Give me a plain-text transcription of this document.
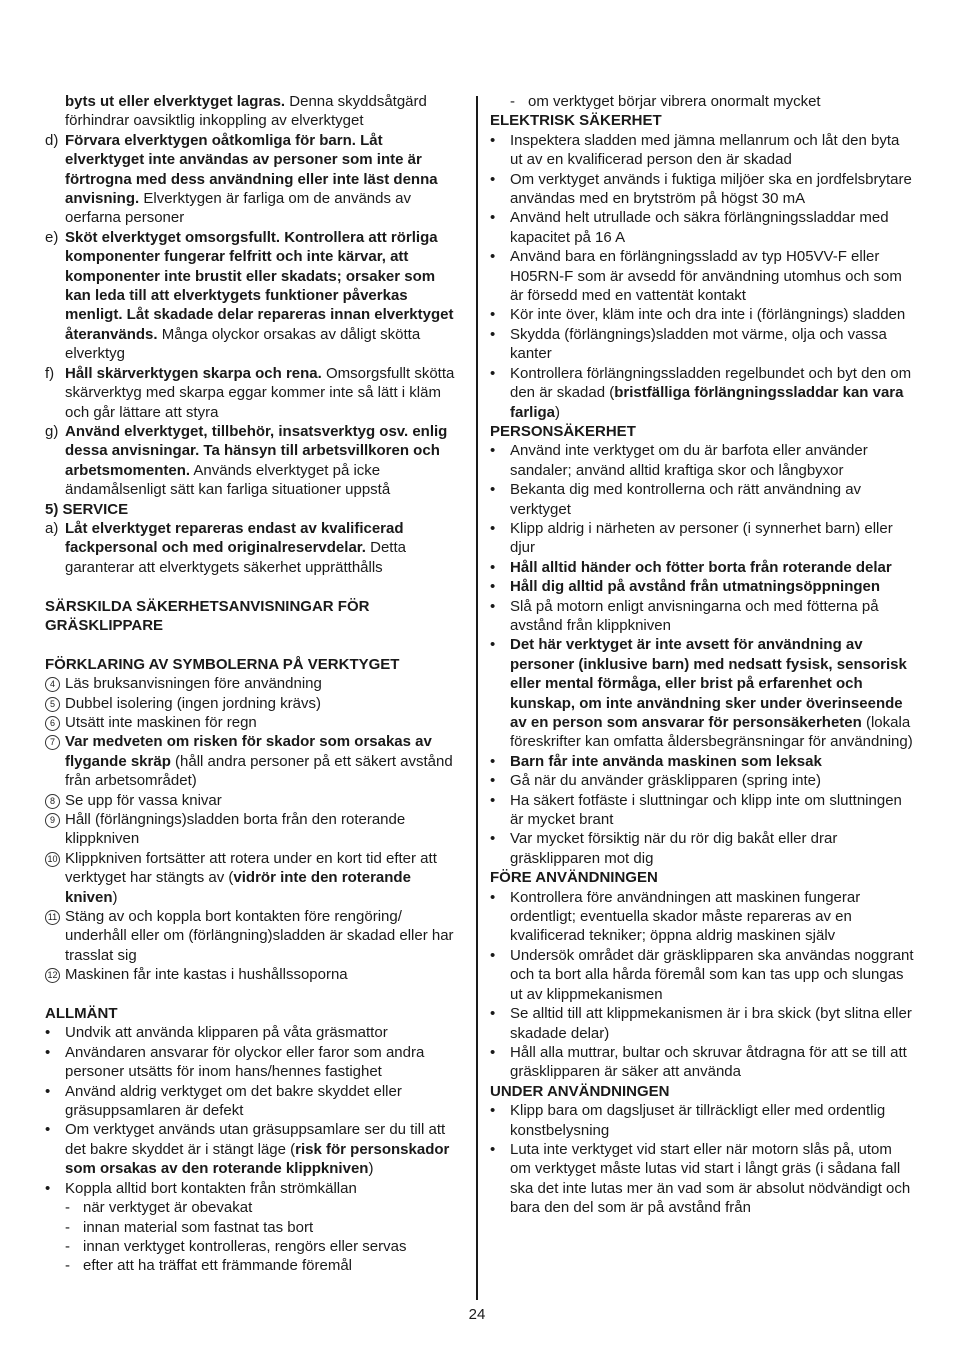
byts ut eller elverktyget lagras. Denna skyddsåtgärd förhindrar oavsiktlig inkoppling av elverktyget
d) Förvara elverktygen oåtkomliga för barn. Låt elverktyget inte användas av personer som inte är förtrogna med dess användning eller inte läst denna anvisning. Elverktygen är farliga om de används av oerfarna personer
e) Sköt elverktyget omsorgsfullt. Kontrollera att rörliga komponenter fungerar felfritt och inte kärvar, att komponenter inte brustit eller skadats; orsaker som kan leda till att elverktygets funktioner påverkas menligt. Låt skadade delar repareras innan elverktyget återanvänds. Många olyckor orsakas av dåligt skötta elverktyg
f) Håll skärverktygen skarpa och rena. Omsorgsfullt skötta skärverktyg med skarpa eggar kommer inte så lätt i kläm och går lättare att styra
g) Använd elverktyget, tillbehör, insatsverktyg osv. enlig dessa anvisningar. Ta hänsyn till arbetsvillkoren och arbetsmomenten. Används elverktyget på icke ändamålsenligt sätt kan farliga situationer uppstå
5) SERVICE
a) Låt elverktyget repareras endast av kvalificerad fackpersonal och med originalreservdelar. Detta garanterar att elverktygets säkerhet upprätthålls
SÄRSKILDA SÄKERHETSANVISNINGAR FÖR GRÄSKLIPPARE
FÖRKLARING AV SYMBOLERNA PÅ VERKTYGET
4 Läs bruksanvisningen före användning
5 Dubbel isolering (ingen jordning krävs)
6 Utsätt inte maskinen för regn
7 Var medveten om risken för skador som orsakas av flygande skräp (håll andra personer på ett säkert avstånd från arbetsområdet)
8 Se upp för vassa knivar
9 Håll (förlängnings)sladden borta från den roterande klippkniven
10 Klippkniven fortsätter att rotera under en kort tid efter att verktyget har stängts av (vidrör inte den roterande kniven)
11 Stäng av och koppla bort kontakten före rengöring/ underhåll eller om (förlängning)sladden är skadad eller har trasslat sig
12 Maskinen får inte kastas i hushållssoporna
ALLMÄNT
• Undvik att använda klipparen på våta gräsmattor
• Användaren ansvarar för olyckor eller faror som andra personer utsätts för inom hans/hennes fastighet
• Använd aldrig verktyget om det bakre skyddet eller gräsuppsamlaren är defekt
• Om verktyget används utan gräsuppsamlare ser du till att det bakre skyddet är i stängt läge (risk för personskador som orsakas av den roterande klippkniven)
• Koppla alltid bort kontakten från strömkällan
- när verktyget är obevakat
- innan material som fastnat tas bort
- innan verktyget kontrolleras, rengörs eller servas
- efter att ha träffat ett främmande föremål
- om verktyget börjar vibrera onormalt mycket
ELEKTRISK SÄKERHET
• Inspektera sladden med jämna mellanrum och låt den byta ut av en kvalificerad person den är skadad
• Om verktyget används i fuktiga miljöer ska en jordfelsbrytare användas med en brytström på högst 30 mA
• Använd helt utrullade och säkra förlängningssladdar med kapacitet på 16 A
• Använd bara en förlängningssladd av typ H05VV-F eller H05RN-F som är avsedd för användning utomhus och som är försedd med en vattentät kontakt
• Kör inte över, kläm inte och dra inte i (förlängnings) sladden
• Skydda (förlängnings)sladden mot värme, olja och vassa kanter
• Kontrollera förlängningssladden regelbundet och byt den om den är skadad (bristfälliga förlängningssladdar kan vara farliga)
PERSONSÄKERHET
• Använd inte verktyget om du är barfota eller använder sandaler; använd alltid kraftiga skor och långbyxor
• Bekanta dig med kontrollerna och rätt användning av verktyget
• Klipp aldrig i närheten av personer (i synnerhet barn) eller djur
• Håll alltid händer och fötter borta från roterande delar
• Håll dig alltid på avstånd från utmatningsöppningen
• Slå på motorn enligt anvisningarna och med fötterna på avstånd från klippkniven
• Det här verktyget är inte avsett för användning av personer (inklusive barn) med nedsatt fysisk, sensorisk eller mental förmåga, eller brist på erfarenhet och kunskap, om inte användning sker under överinseende av en person som ansvarar för personsäkerheten (lokala föreskrifter kan omfatta åldersbegränsningar för användning)
• Barn får inte använda maskinen som leksak
• Gå när du använder gräsklipparen (spring inte)
• Ha säkert fotfäste i sluttningar och klipp inte om sluttningen är mycket brant
• Var mycket försiktig när du rör dig bakåt eller drar gräsklipparen mot dig
FÖRE ANVÄNDNINGEN
• Kontrollera före användningen att maskinen fungerar ordentligt; eventuella skador måste repareras av en kvalificerad tekniker; öppna aldrig maskinen själv
• Undersök området där gräsklipparen ska användas noggrant och ta bort alla hårda föremål som kan tas upp och slungas ut av klippmekanismen
• Se alltid till att klippmekanismen är i bra skick (byt slitna eller skadade delar)
• Håll alla muttrar, bultar och skruvar åtdragna för att se till att gräsklipparen är säker att använda
UNDER ANVÄNDNINGEN
• Klipp bara om dagsljuset är tillräckligt eller med ordentlig konstbelysning
• Luta inte verktyget vid start eller när motorn slås på, utom om verktyget måste lutas vid start i långt gräs (i sådana fall ska det inte lutas mer än vad som är absolut nödvändigt och bara den del som är på avstånd från
24
